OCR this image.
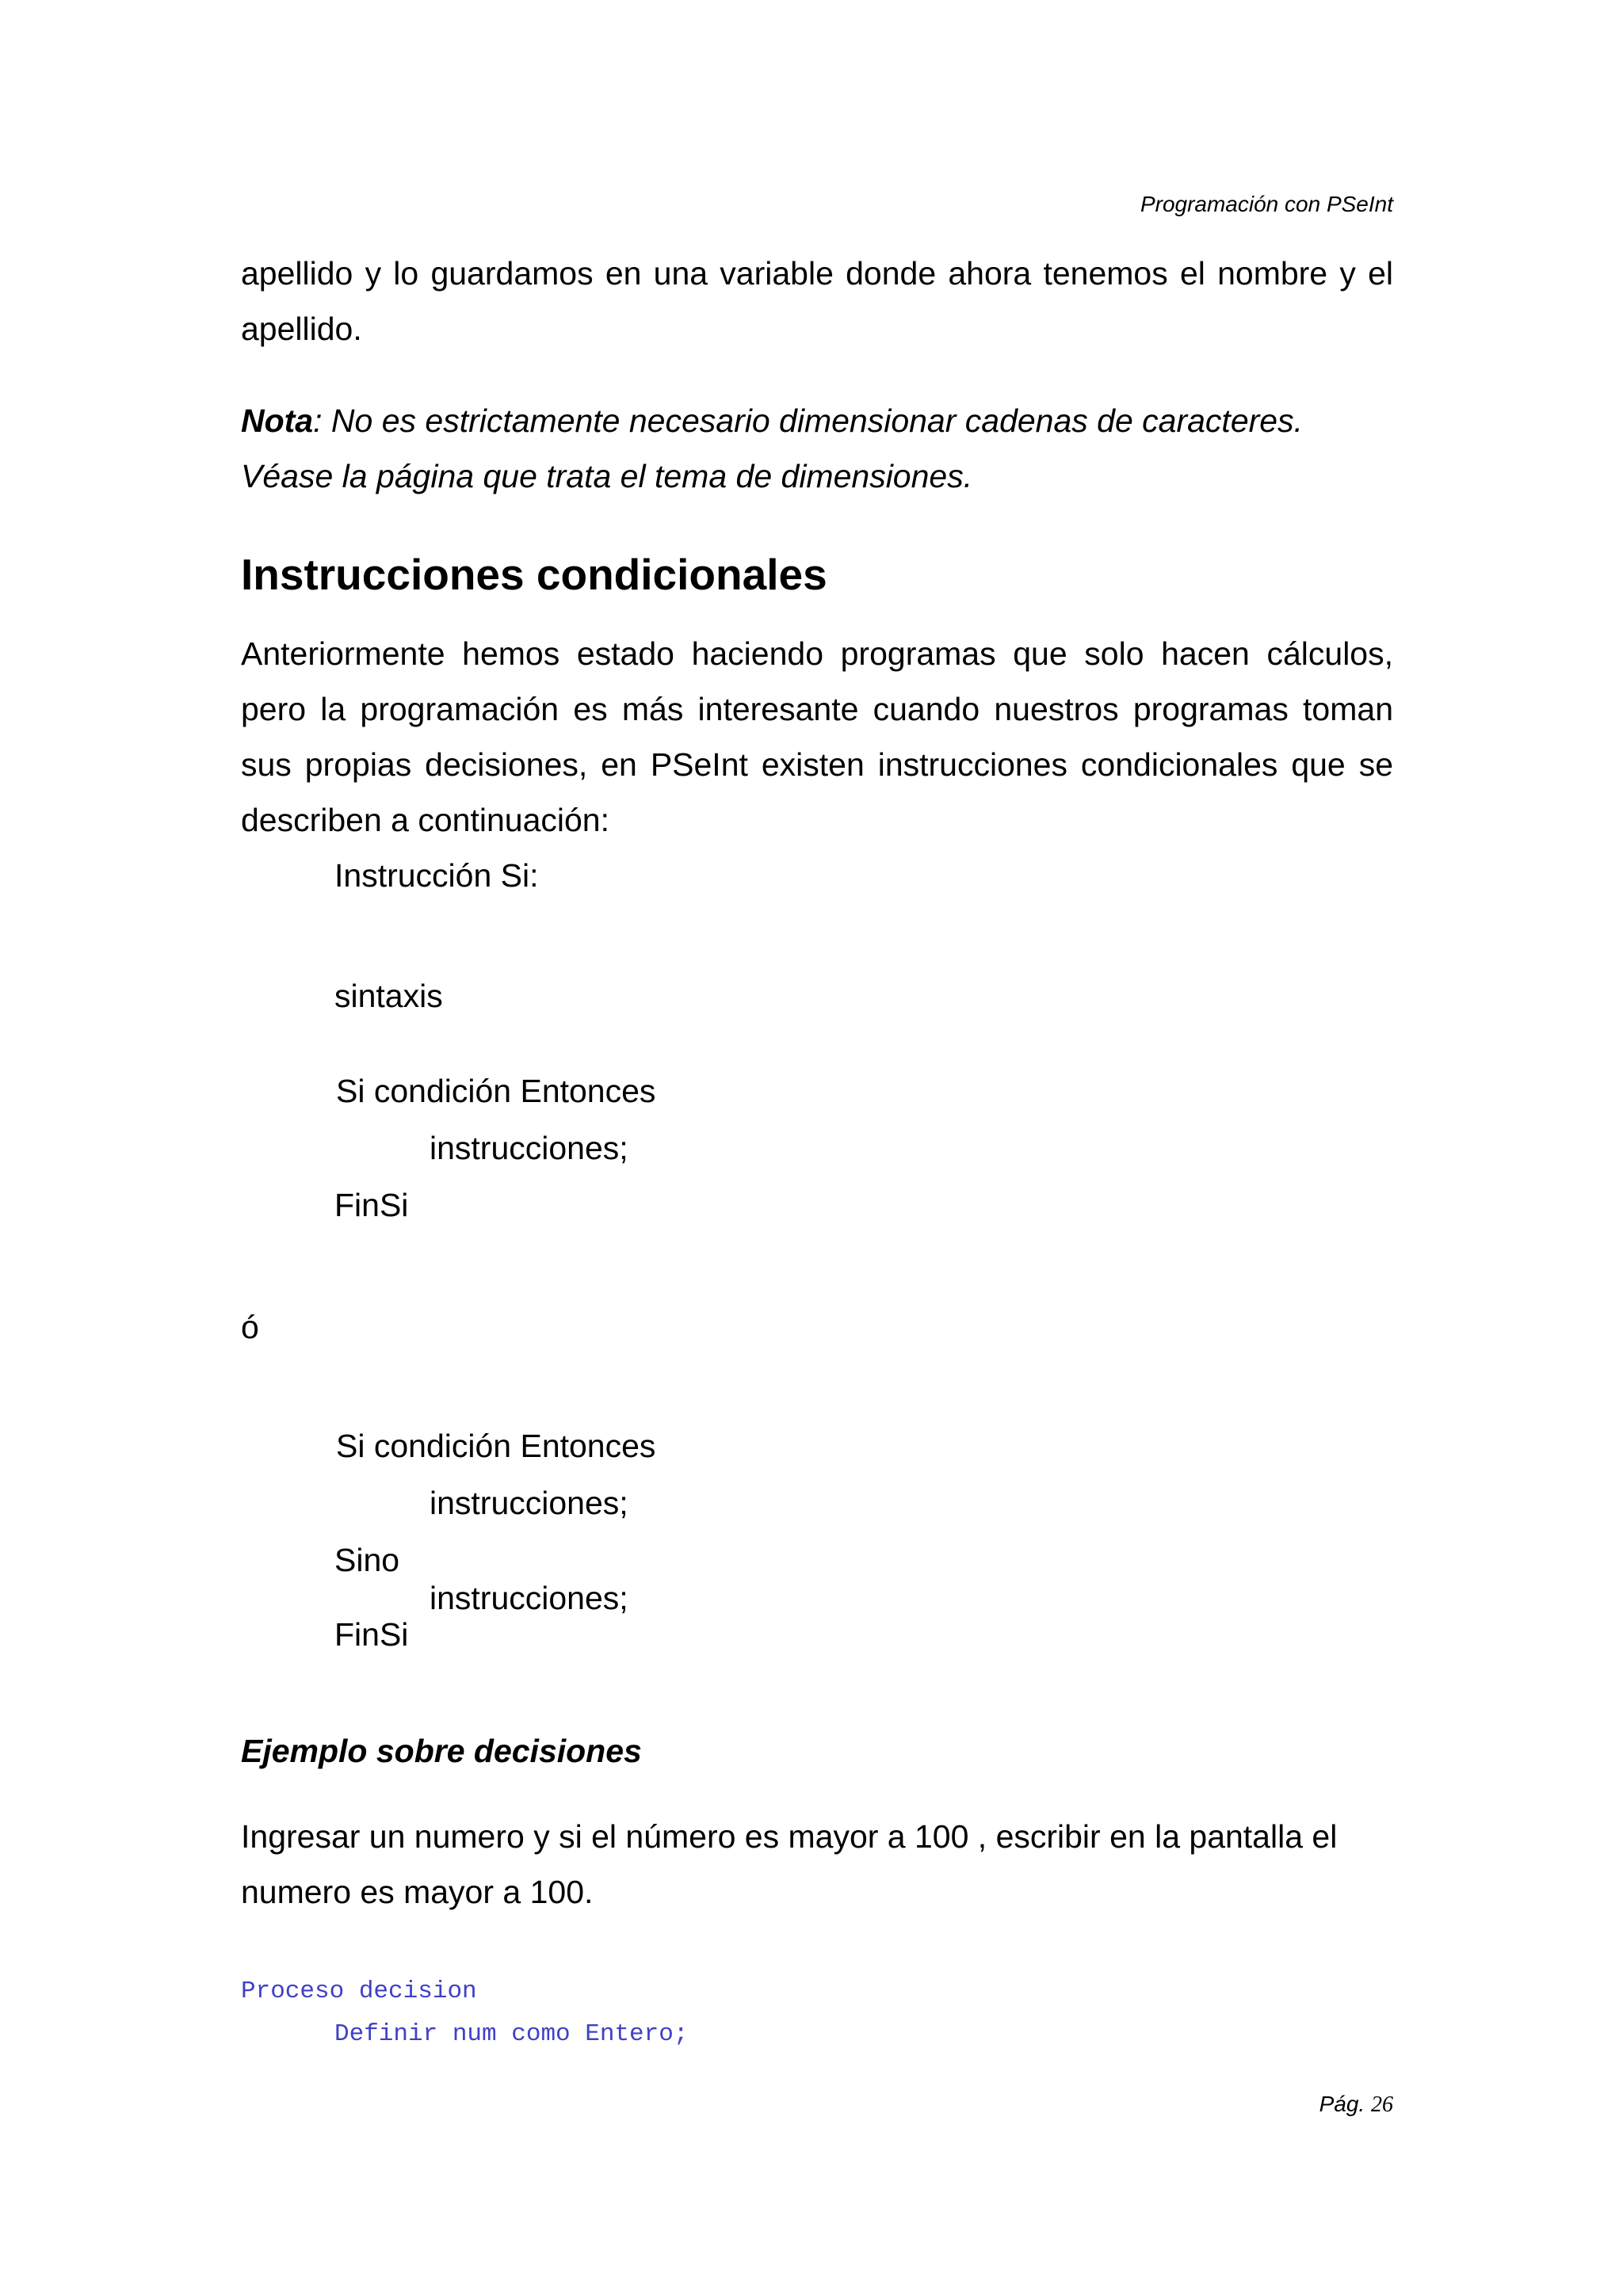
Programación con PSeInt

apellido y lo guardamos en una variable donde ahora tenemos el nombre y el apellido.

Nota: No es estrictamente necesario dimensionar cadenas de caracteres. Véase la página que trata el tema de dimensiones.

Instrucciones condicionales

Anteriormente hemos estado haciendo programas que solo hacen cálculos, pero la programación es más interesante cuando nuestros programas toman sus propias decisiones, en PSeInt existen instrucciones condicionales que se describen a continuación:

Instrucción Si:
sintaxis
Si condición Entonces
instrucciones;
FinSi
ó
Si condición Entonces
instrucciones;
Sino
instrucciones;
FinSi
Ejemplo sobre decisiones

Ingresar un numero y si el número es mayor a 100 , escribir en la pantalla el numero es mayor a 100.

Proceso decision
Definir num como Entero;
Pág. 26
